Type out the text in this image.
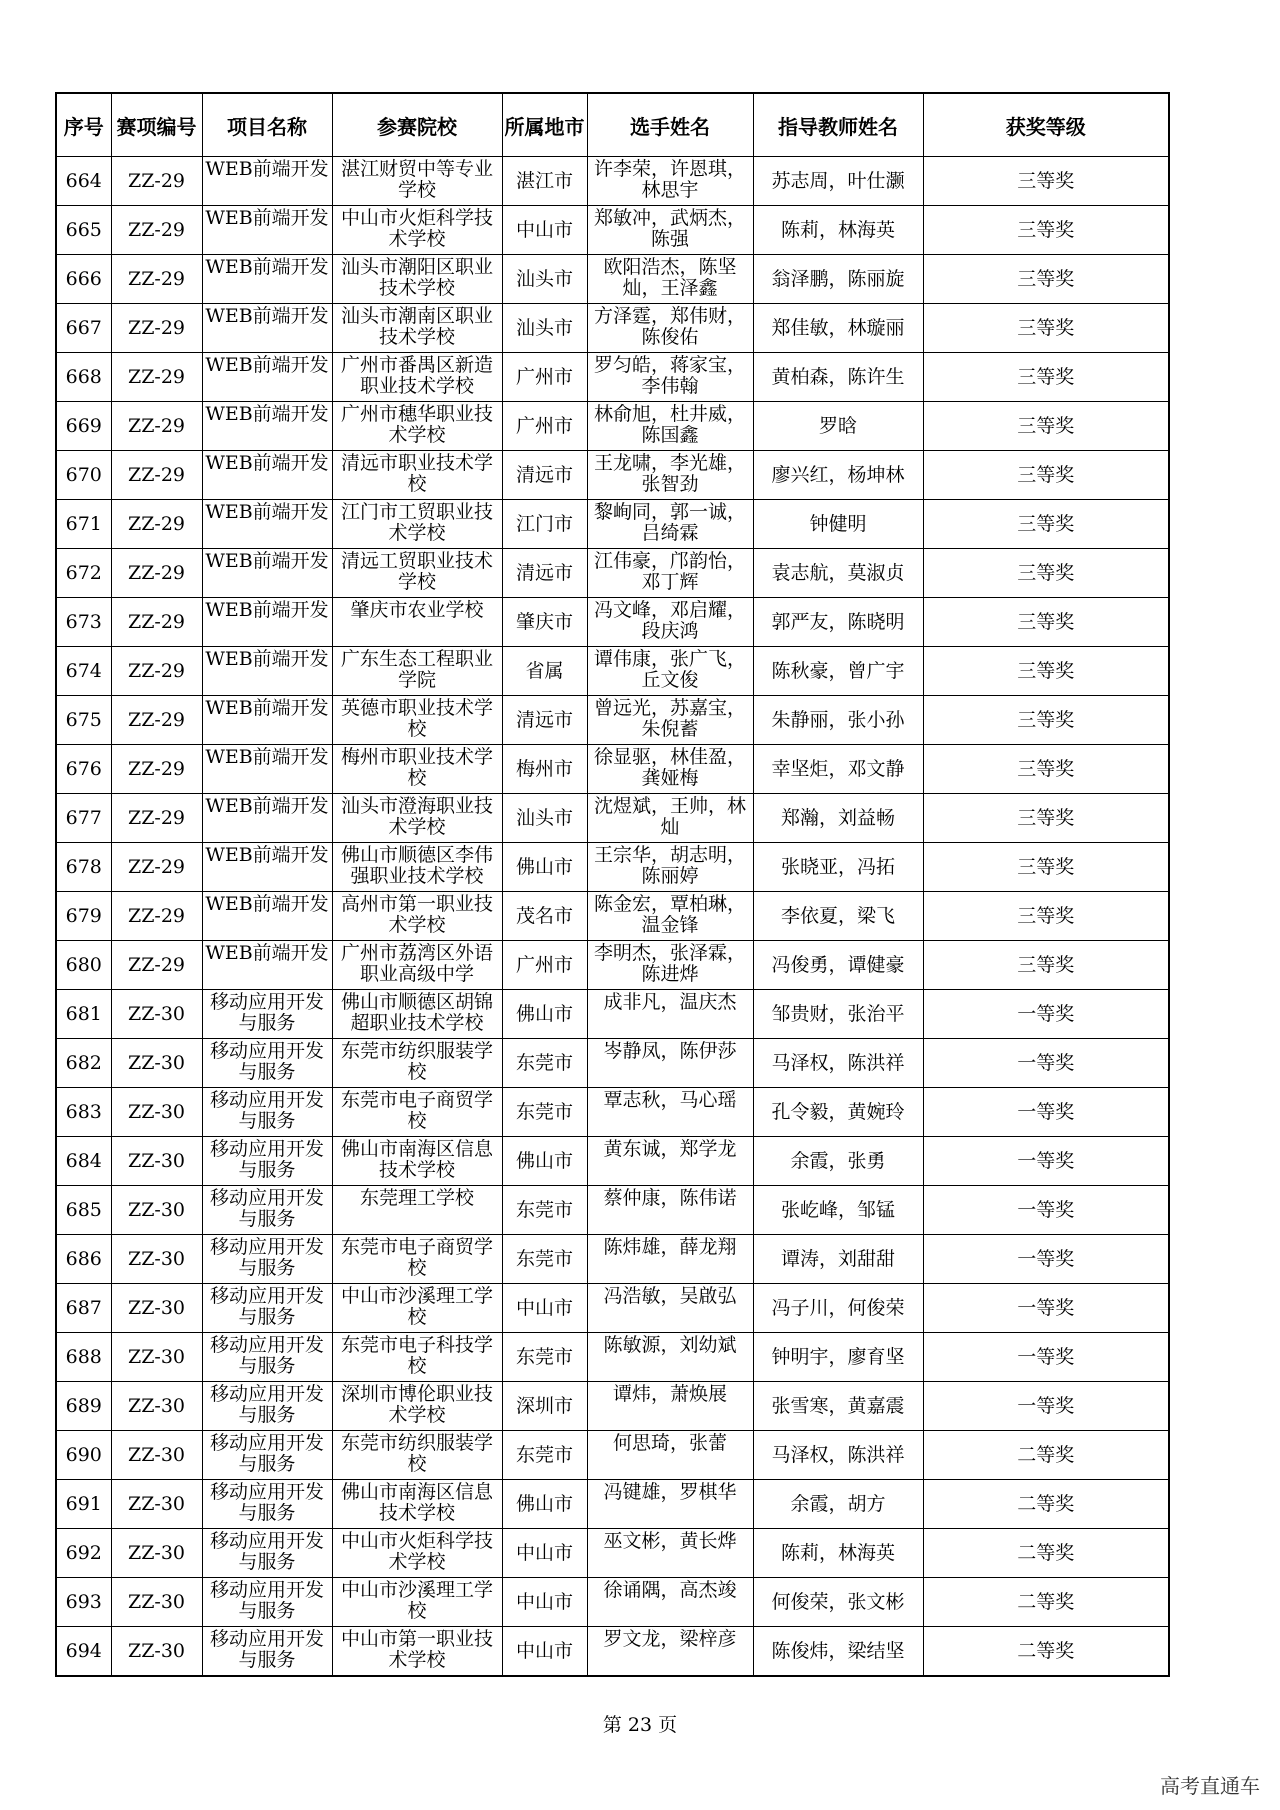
序号	赛项编号	项目名称	参赛院校	所属地市	选手姓名	指导教师姓名	获奖等级

664	ZZ-29	WEB前端开发	湛江财贸中等专业学校	湛江市	许李荣，许恩琪，林思宇	苏志周，叶仕灏	三等奖

665	ZZ-29	WEB前端开发	中山市火炬科学技术学校	中山市	郑敏冲，武炳杰，陈强	陈莉，林海英	三等奖

666	ZZ-29	WEB前端开发	汕头市潮阳区职业技术学校	汕头市	欧阳浩杰，陈坚灿，王泽鑫	翁泽鹏，陈丽旋	三等奖

667	ZZ-29	WEB前端开发	汕头市潮南区职业技术学校	汕头市	方泽霆，郑伟财，陈俊佑	郑佳敏，林璇丽	三等奖

668	ZZ-29	WEB前端开发	广州市番禺区新造职业技术学校	广州市	罗匀皓，蒋家宝，李伟翰	黄柏森，陈许生	三等奖

669	ZZ-29	WEB前端开发	广州市穗华职业技术学校	广州市	林俞旭，杜井威，陈国鑫	罗晗	三等奖

670	ZZ-29	WEB前端开发	清远市职业技术学校	清远市	王龙啸，李光雄，张智劲	廖兴红，杨坤林	三等奖

671	ZZ-29	WEB前端开发	江门市工贸职业技术学校	江门市	黎峋同，郭一诚，吕绮霖	钟健明	三等奖

672	ZZ-29	WEB前端开发	清远工贸职业技术学校	清远市	江伟豪，邝韵怡，邓丁辉	袁志航，莫淑贞	三等奖

673	ZZ-29	WEB前端开发	肇庆市农业学校	肇庆市	冯文峰，邓启耀，段庆鸿	郭严友，陈晓明	三等奖

674	ZZ-29	WEB前端开发	广东生态工程职业学院	省属	谭伟康，张广飞，丘文俊	陈秋豪，曾广宇	三等奖

675	ZZ-29	WEB前端开发	英德市职业技术学校	清远市	曾远光，苏嘉宝，朱倪蓄	朱静丽，张小孙	三等奖

676	ZZ-29	WEB前端开发	梅州市职业技术学校	梅州市	徐显驱，林佳盈，龚娅梅	幸坚炬，邓文静	三等奖

677	ZZ-29	WEB前端开发	汕头市澄海职业技术学校	汕头市	沈煜斌，王帅，林灿	郑瀚，刘益畅	三等奖

678	ZZ-29	WEB前端开发	佛山市顺德区李伟强职业技术学校	佛山市	王宗华，胡志明，陈丽婷	张晓亚，冯拓	三等奖

679	ZZ-29	WEB前端开发	高州市第一职业技术学校	茂名市	陈金宏，覃柏琳，温金锋	李依夏，梁飞	三等奖

680	ZZ-29	WEB前端开发	广州市荔湾区外语职业高级中学	广州市	李明杰，张泽霖，陈进烨	冯俊勇，谭健豪	三等奖

681	ZZ-30	移动应用开发与服务	佛山市顺德区胡锦超职业技术学校	佛山市	成非凡，温庆杰	邹贵财，张治平	一等奖

682	ZZ-30	移动应用开发与服务	东莞市纺织服装学校	东莞市	岑静凤，陈伊莎	马泽权，陈洪祥	一等奖

683	ZZ-30	移动应用开发与服务	东莞市电子商贸学校	东莞市	覃志秋，马心瑶	孔令毅，黄婉玲	一等奖

684	ZZ-30	移动应用开发与服务	佛山市南海区信息技术学校	佛山市	黄东诚，郑学龙	余霞，张勇	一等奖

685	ZZ-30	移动应用开发与服务	东莞理工学校	东莞市	蔡仲康，陈伟诺	张屹峰，邹锰	一等奖

686	ZZ-30	移动应用开发与服务	东莞市电子商贸学校	东莞市	陈炜雄，薛龙翔	谭涛，刘甜甜	一等奖

687	ZZ-30	移动应用开发与服务	中山市沙溪理工学校	中山市	冯浩敏，吴啟弘	冯子川，何俊荣	一等奖

688	ZZ-30	移动应用开发与服务	东莞市电子科技学校	东莞市	陈敏源，刘幼斌	钟明宇，廖育坚	一等奖

689	ZZ-30	移动应用开发与服务	深圳市博伦职业技术学校	深圳市	谭炜，萧焕展	张雪寒，黄嘉震	一等奖

690	ZZ-30	移动应用开发与服务	东莞市纺织服装学校	东莞市	何思琦，张蕾	马泽权，陈洪祥	二等奖

691	ZZ-30	移动应用开发与服务	佛山市南海区信息技术学校	佛山市	冯键雄，罗棋华	余霞，胡方	二等奖

692	ZZ-30	移动应用开发与服务	中山市火炬科学技术学校	中山市	巫文彬，黄长烨	陈莉，林海英	二等奖

693	ZZ-30	移动应用开发与服务	中山市沙溪理工学校	中山市	徐诵隅，高杰竣	何俊荣，张文彬	二等奖

694	ZZ-30	移动应用开发与服务	中山市第一职业技术学校	中山市	罗文龙，梁梓彦	陈俊炜，梁结坚	二等奖
第 23 页
高考直通车
